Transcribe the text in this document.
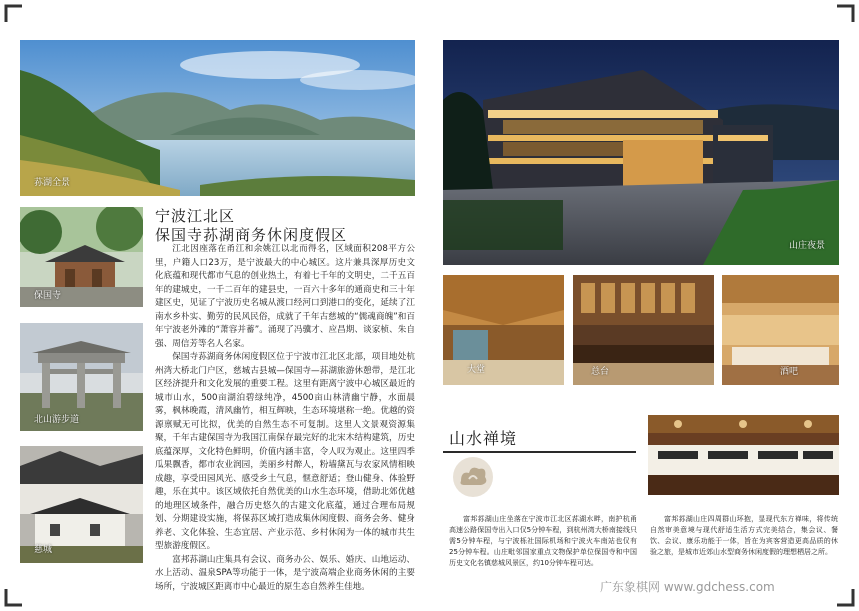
荪湖全景
保国寺
北山游步道
慈城
宁波江北区
保国寺荪湖商务休闲度假区

江北因座落在甬江和余姚江以北而得名，区域面积208平方公里，户籍人口23万，是宁波最大的中心城区。这片兼具深厚历史文化底蕴和现代都市气息的创业热土，有着七千年的文明史，二千五百年的建城史，一千二百年的建县史，一百六十多年的通商史和三十年建区史，见证了宁波历史名城从渡口经河口到港口的变化，延续了江南水乡朴实、勤劳的民风民俗，成就了千年古慈城的“儒魂商魄”和百年宁波老外滩的“萧容并蓄”。涌现了冯骥才、应昌期、谈家桢、朱自强、周信芳等名人名家。

保国寺荪湖商务休闲度假区位于宁波市江北区北部，项目地处杭州湾大桥北门户区，慈城古县城—保国寺—荪湖旅游休憩带，是江北区经济提升和文化发展的重要工程。这里有距离宁波中心城区最近的城市山水，500亩湖泊碧绿纯净，4500亩山林清幽宁静，水面晨雾，枫林晚霞，清风幽竹，相互辉映，生态环境堪称一绝。优越的资源禀赋无可比拟，优美的自然生态不可复制。这里人文景观资源集聚，千年古建保国寺为我国江南保存最完好的北宋木结构建筑，历史底蕴深厚，文化特色鲜明，价值内涵丰富，令人叹为观止。这里四季瓜果飘香，都市农业润园，美丽乡村醉人，粉墙黛瓦与农家风情相映成趣，享受田园风光、感受乡土气息，惬意舒适；登山健身、体验野趣，乐在其中。该区域依托自然优美的山水生态环境，借助北郊优越的地理区域条件，融合历史悠久的古建文化底蕴，通过合理布局规划、分期建设实施，将保荪区域打造成集休闲度假、商务会务、健身养老、文化体验、生态宜居、产业示范、乡村休闲为一体的城市共生型旅游度假区。

富邦荪湖山庄集具有会议、商务办公、娱乐、婚庆、山地运动、水上活动、温泉SPA等功能于一体，是宁波高端企业商务休闲的主要场所，宁波城区距离市中心最近的原生态自然养生佳地。

山庄夜景
大堂	总台	酒吧
山水禅境

富邦荪湖山庄坐落在宁波市江北区荪湖水畔，南护杭甬高速公路保国寺出入口仅5分钟车程，到杭州湾大桥南接线只需5分钟车程，与宁波栎社国际机场和宁波火车南站也仅有25分钟车程。山庄毗邻国家重点文物保护单位保国寺和中国历史文化名镇慈城风景区，约10分钟车程可达。

富邦荪湖山庄四周群山环抱，显现代东方禅味，将传统自然审美意境与现代舒适生活方式完美结合，集会议、餐饮、会议、康乐功能于一体，旨在为宾客营造更高品质的休验之旅，是城市近郊山水型商务休闲度假的理想栖居之所。

广东象棋网 www.gdchess.com
